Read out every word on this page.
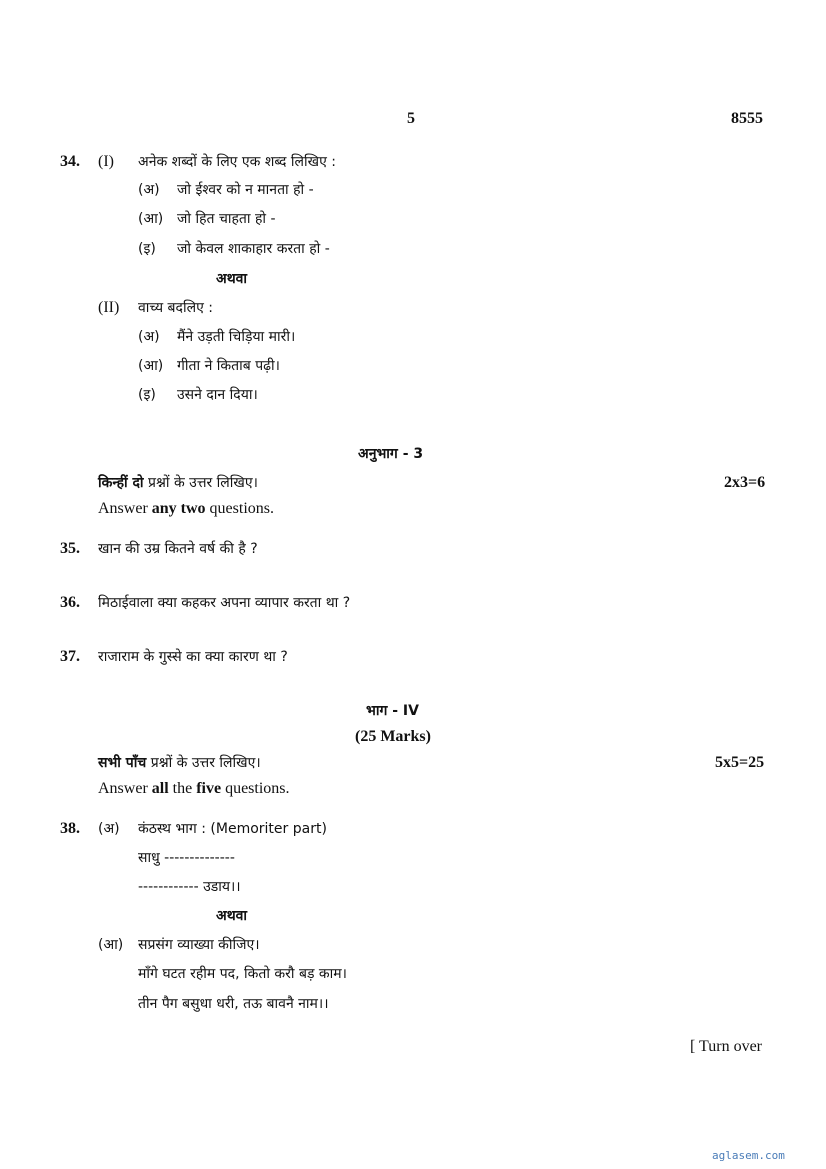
5	8555
34. (I) अनेक शब्दों के लिए एक शब्द लिखिए :
(अ) जो ईश्वर को न मानता हो -
(आ) जो हित चाहता हो -
(इ) जो केवल शाकाहार करता हो -
अथवा
(II) वाच्य बदलिए :
(अ) मैंने उड़ती चिड़िया मारी।
(आ) गीता ने किताब पढ़ी।
(इ) उसने दान दिया।
अनुभाग - 3
किन्हीं दो प्रश्नों के उत्तर लिखिए।	2x3=6
Answer any two questions.
35. खान की उम्र कितने वर्ष की है ?
36. मिठाईवाला क्या कहकर अपना व्यापार करता था ?
37. राजाराम के गुस्से का क्या कारण था ?
भाग - IV
(25 Marks)
सभी पाँच प्रश्नों के उत्तर लिखिए।	5x5=25
Answer all the five questions.
38. (अ) कंठस्थ भाग : (Memoriter part)
साधु --------------
------------ उडाय।।
अथवा
(आ) सप्रसंग व्याख्या कीजिए।
माँगे घटत रहीम पद, कितो करौ बड़ काम।
तीन पैग बसुधा धरी, तऊ बावनै नाम।।
[ Turn over
aglasem.com
